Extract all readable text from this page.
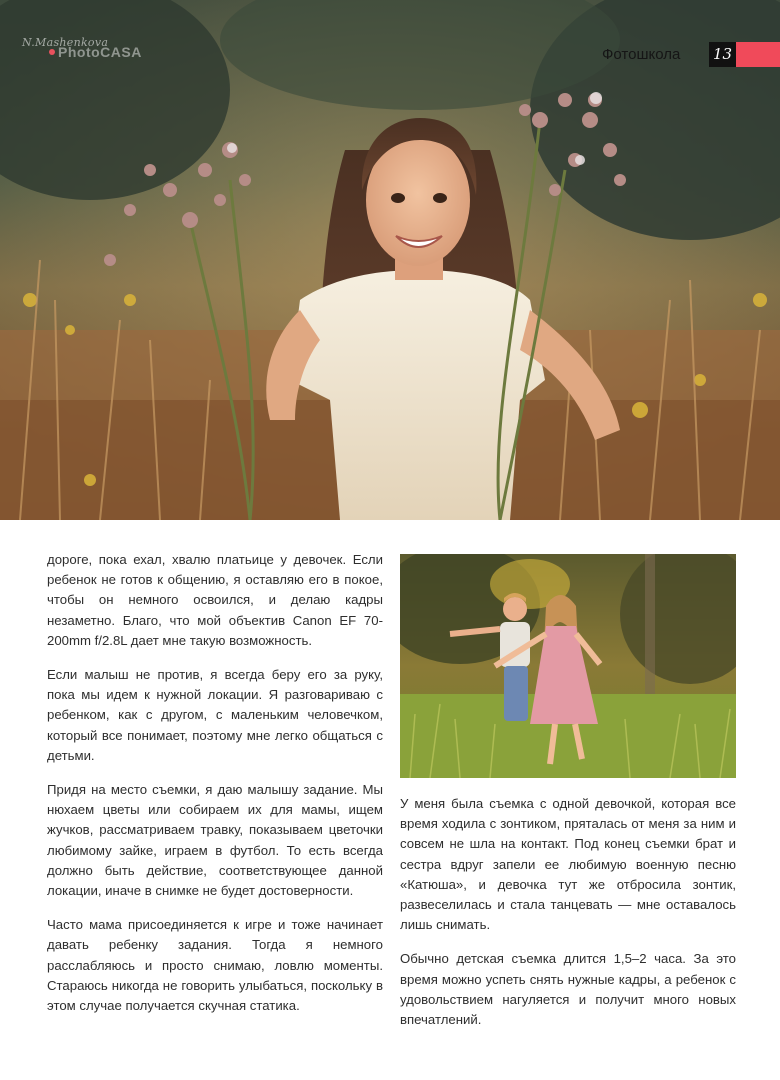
N.Mashenkova
PhotoCASA	Фотошкола 13

дороге, пока ехал, хвалю платьице у девочек. Если ребенок не готов к общению, я оставляю его в покое, чтобы он немного освоился, и делаю кадры незаметно. Благо, что мой объектив Canon EF 70-200mm f/2.8L дает мне такую возможность.

Если малыш не против, я всегда беру его за руку, пока мы идем к нужной локации. Я разговариваю с ребенком, как с другом, с маленьким человечком, который все понимает, поэтому мне легко общаться с детьми.

Придя на место съемки, я даю малышу задание. Мы нюхаем цветы или собираем их для мамы, ищем жучков, рассматриваем травку, показываем цветочки любимому зайке, играем в футбол. То есть всегда должно быть действие, соответствующее данной локации, иначе в снимке не будет достоверности.

Часто мама присоединяется к игре и тоже начинает давать ребенку задания. Тогда я немного расслабляюсь и просто снимаю, ловлю моменты. Стараюсь никогда не говорить улыбаться, поскольку в этом случае получается скучная статика.

У меня была съемка с одной девочкой, которая все время ходила с зонтиком, пряталась от меня за ним и совсем не шла на контакт. Под конец съемки брат и сестра вдруг запели ее любимую военную песню «Катюша», и девочка тут же отбросила зонтик, развеселилась и стала танцевать — мне оставалось лишь снимать.

Обычно детская съемка длится 1,5–2 часа. За это время можно успеть снять нужные кадры, а ребенок с удовольствием нагуляется и получит много новых впечатлений.
